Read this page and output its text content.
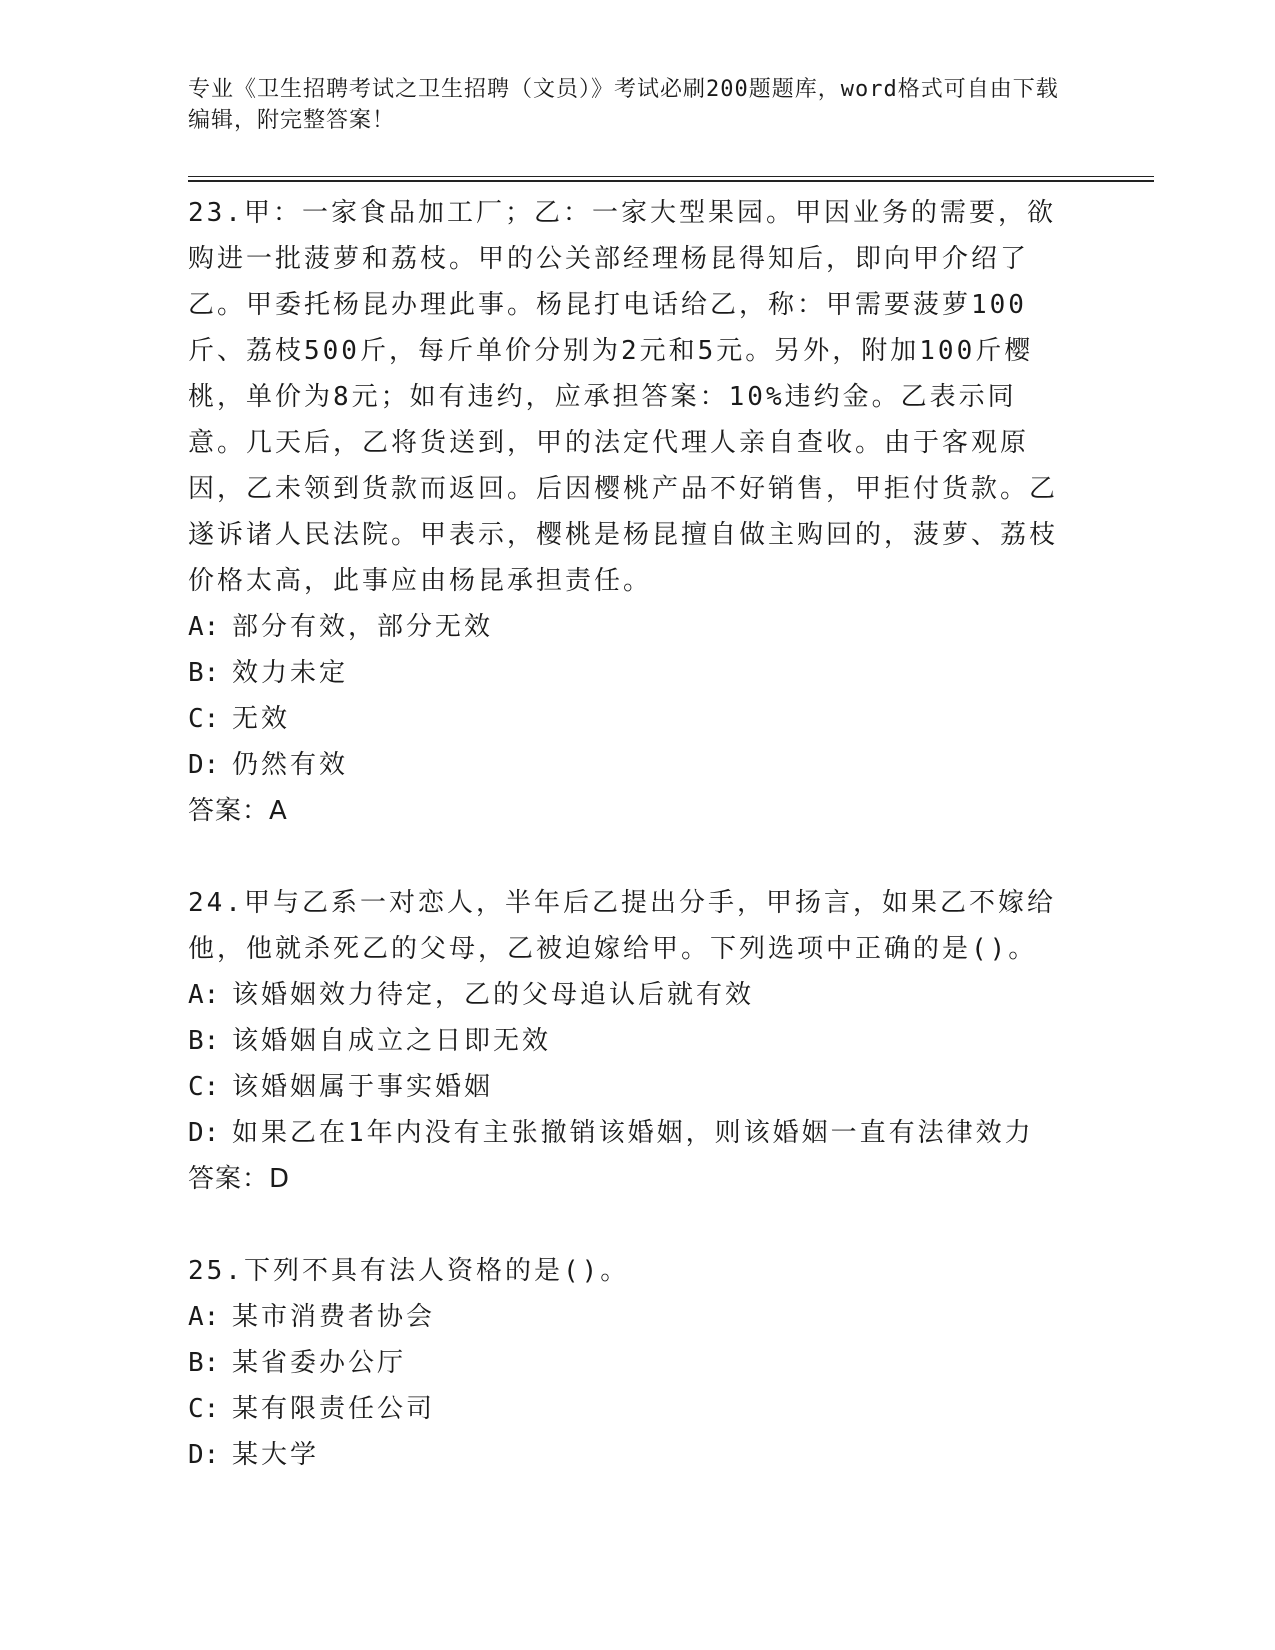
专业《卫生招聘考试之卫生招聘（文员）》考试必刷200题题库，word格式可自由下载编辑，附完整答案！

23.甲：一家食品加工厂；乙：一家大型果园。甲因业务的需要，欲购进一批菠萝和荔枝。甲的公关部经理杨昆得知后，即向甲介绍了乙。甲委托杨昆办理此事。杨昆打电话给乙，称：甲需要菠萝100斤、荔枝500斤，每斤单价分别为2元和5元。另外，附加100斤樱桃，单价为8元；如有违约，应承担答案：10%违约金。乙表示同意。几天后，乙将货送到，甲的法定代理人亲自查收。由于客观原因，乙未领到货款而返回。后因樱桃产品不好销售，甲拒付货款。乙遂诉诸人民法院。甲表示，樱桃是杨昆擅自做主购回的，菠萝、荔枝价格太高，此事应由杨昆承担责任。

A: 部分有效，部分无效

B: 效力未定

C: 无效

D: 仍然有效

答案：A

24.甲与乙系一对恋人，半年后乙提出分手，甲扬言，如果乙不嫁给他，他就杀死乙的父母，乙被迫嫁给甲。下列选项中正确的是()。

A: 该婚姻效力待定，乙的父母追认后就有效

B: 该婚姻自成立之日即无效

C: 该婚姻属于事实婚姻

D: 如果乙在1年内没有主张撤销该婚姻，则该婚姻一直有法律效力

答案：D

25.下列不具有法人资格的是()。

A: 某市消费者协会

B: 某省委办公厅

C: 某有限责任公司

D: 某大学
